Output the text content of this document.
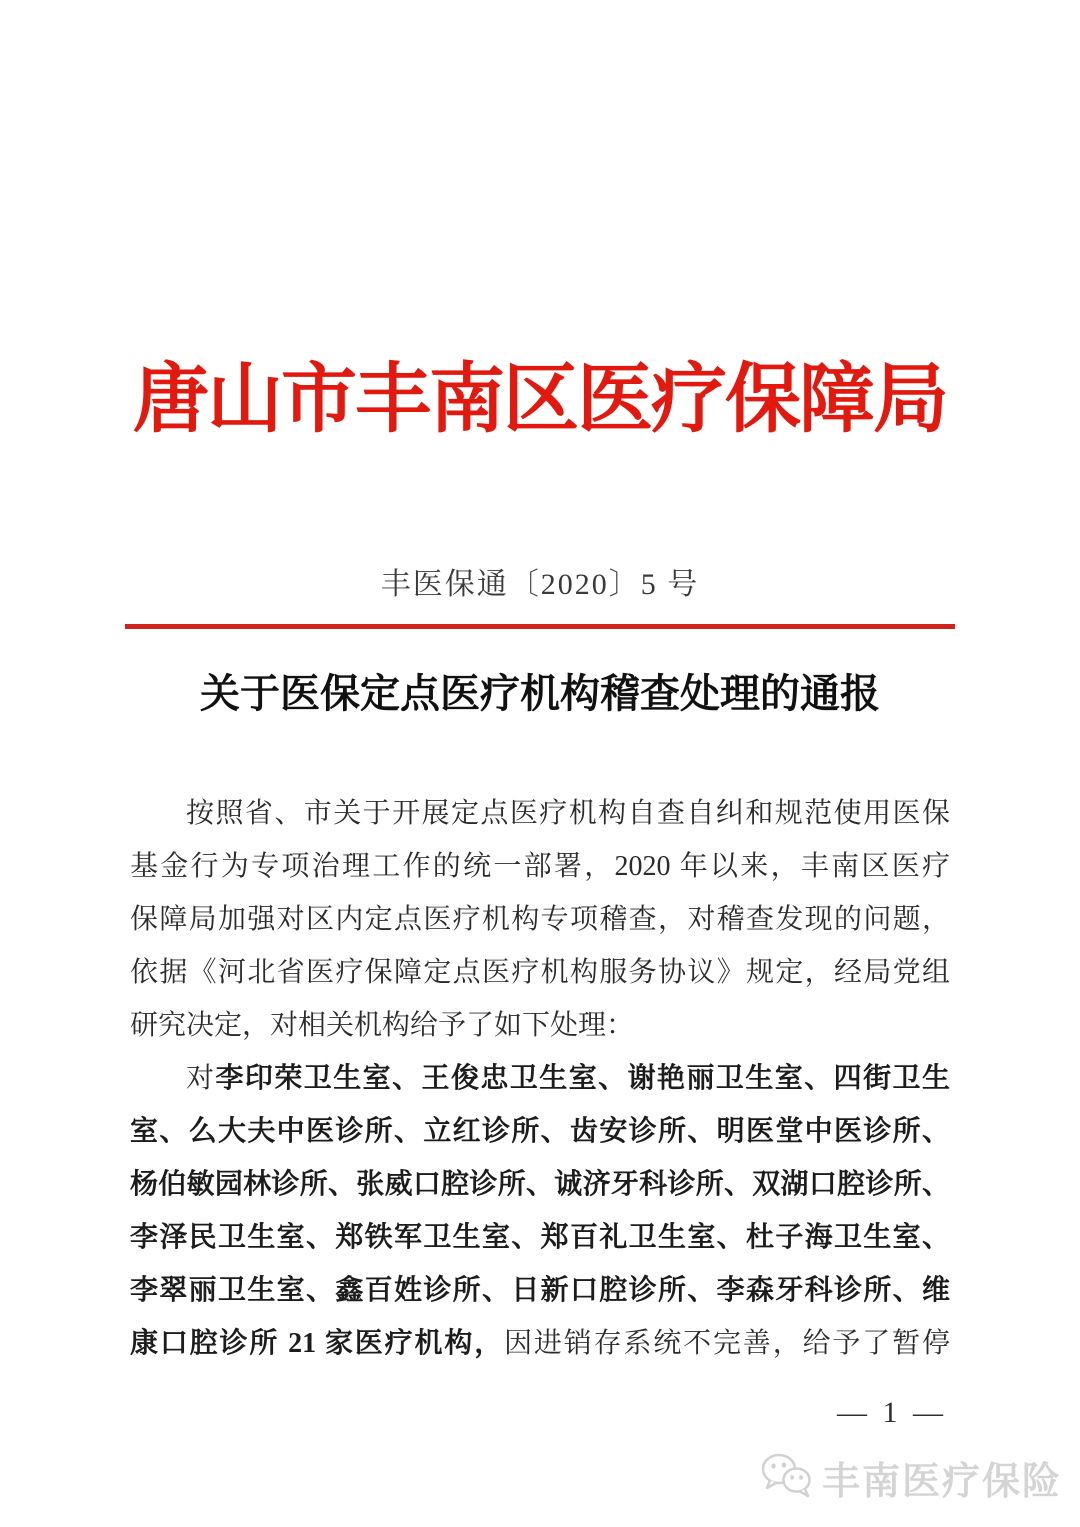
唐山市丰南区医疗保障局
丰医保通〔2020〕5 号
关于医保定点医疗机构稽查处理的通报
按照省、市关于开展定点医疗机构自查自纠和规范使用医保
基金行为专项治理工作的统一部署，2020 年以来，丰南区医疗
保障局加强对区内定点医疗机构专项稽查，对稽查发现的问题，
依据《河北省医疗保障定点医疗机构服务协议》规定，经局党组
研究决定，对相关机构给予了如下处理：
对李印荣卫生室、王俊忠卫生室、谢艳丽卫生室、四街卫生
室、么大夫中医诊所、立红诊所、齿安诊所、明医堂中医诊所、
杨伯敏园林诊所、张威口腔诊所、诚济牙科诊所、双湖口腔诊所、
李泽民卫生室、郑铁军卫生室、郑百礼卫生室、杜子海卫生室、
李翠丽卫生室、鑫百姓诊所、日新口腔诊所、李森牙科诊所、维
康口腔诊所 21 家医疗机构，因进销存系统不完善，给予了暂停
— 1 —
丰南医疗保险
